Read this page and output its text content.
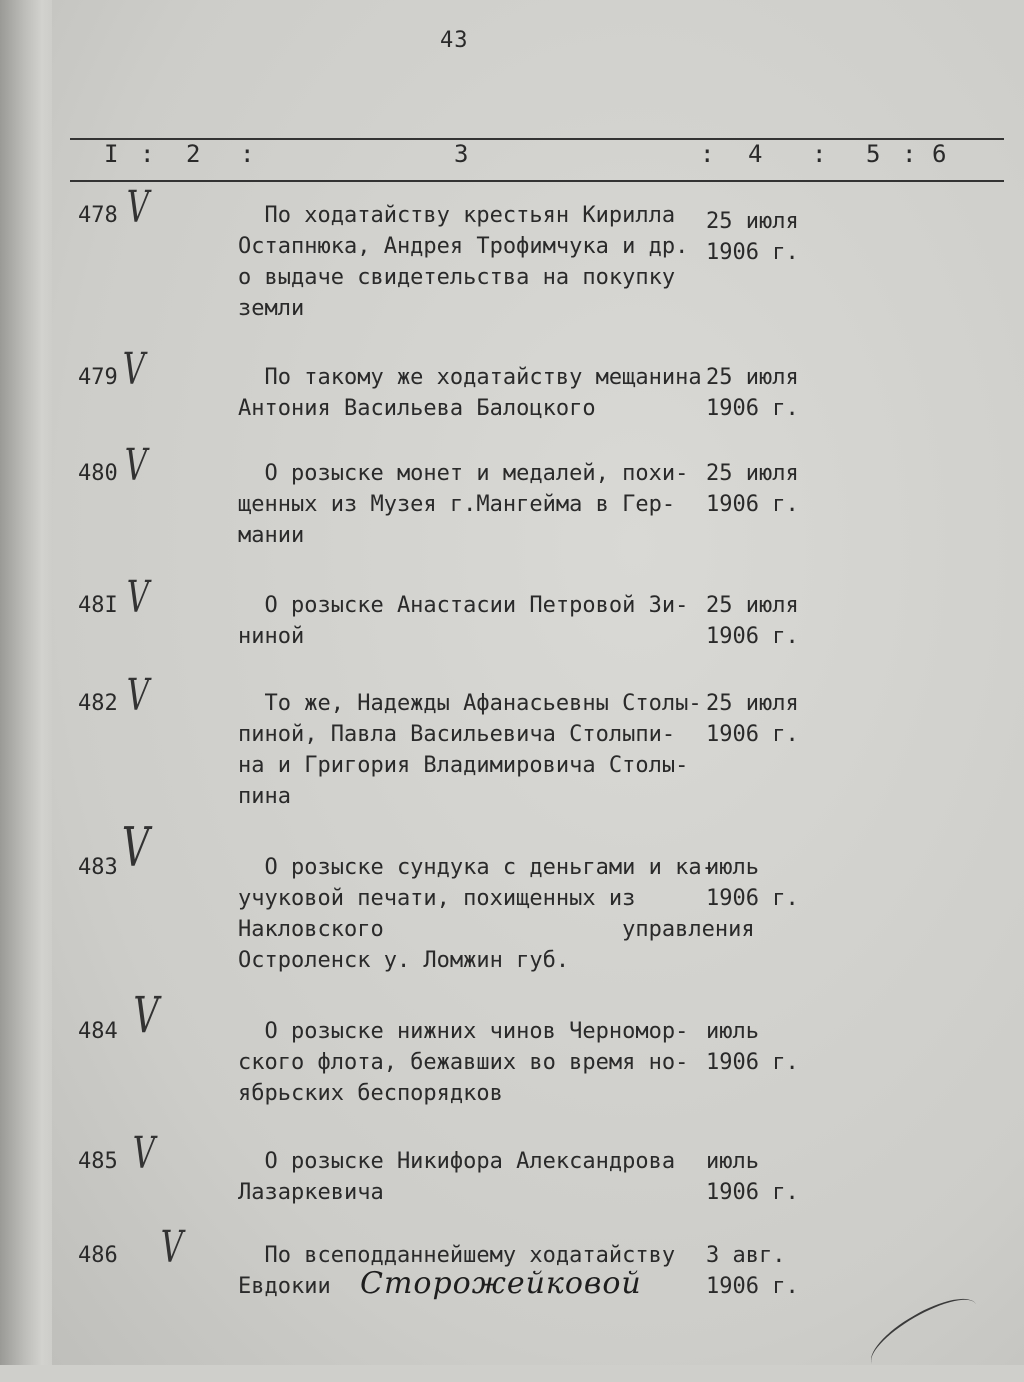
43
I : 2 :	3	: 4 : 5 : 6
478 V	По ходатайству крестьян Кирилла
Остапнюка, Андрея Трофимчука и др.
о выдаче свидетельства на покупку
земли
25 июля
1906 г.
479 V	По такому же ходатайству мещанина
Антония Васильева Балоцкого
25 июля
1906 г.
480 V	О розыске монет и медалей, похи-
щенных из Музея г.Мангейма в Гер-
мании
25 июля
1906 г.
48I V	О розыске Анастасии Петровой Зи-
ниной
25 июля
1906 г.
482 V	То же, Надежды Афанасьевны Столы-
пиной, Павла Васильевича Столыпи-
на и Григория Владимировича Столы-
пина
25 июля
1906 г.
483 V	О розыске сундука с деньгами и ка-
учуковой печати, похищенных из
Накловского                  управления
Остроленск у. Ломжин губ.
июль
1906 г.
484 V	О розыске нижних чинов Черномор-
ского флота, бежавших во время но-
ябрьских беспорядков
июль
1906 г.
485 V	О розыске Никифора Александрова
Лазаркевича
июль
1906 г.
486 V По всеподданнейшему ходатайству
Евдокии Сторожейковой
3 авг.
1906 г.
